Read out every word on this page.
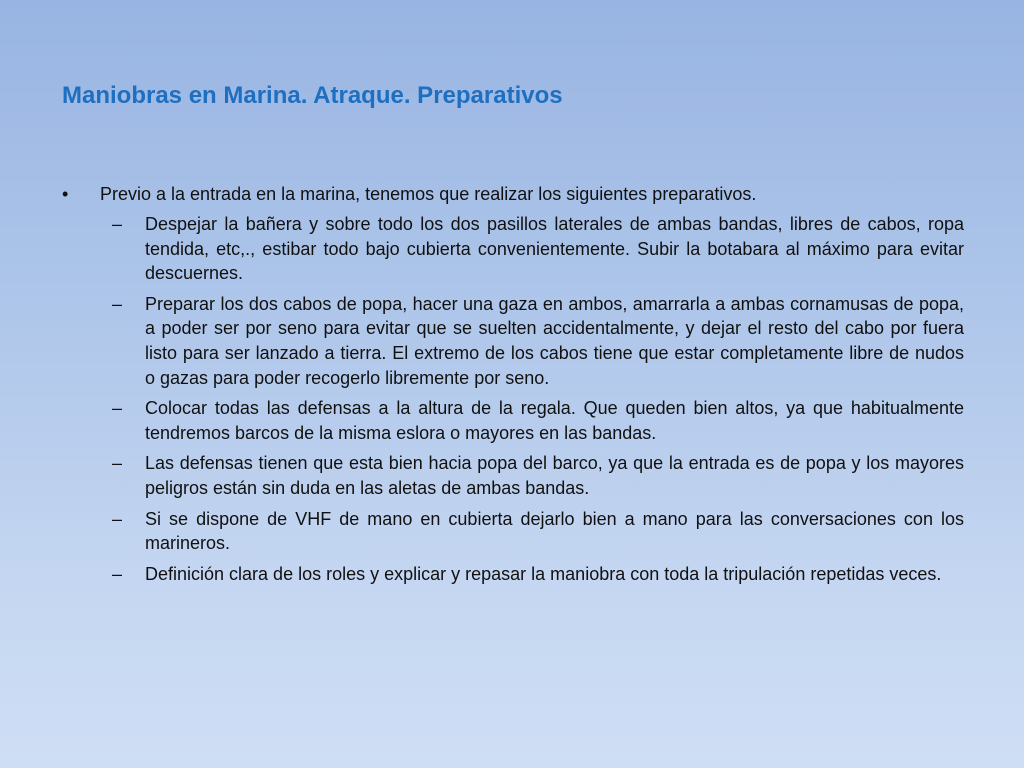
Maniobras en Marina. Atraque. Preparativos
•	Previo a la entrada en la marina, tenemos que realizar los siguientes preparativos.
–	Despejar la bañera y sobre todo los dos pasillos laterales de ambas bandas, libres de cabos, ropa tendida, etc,., estibar todo bajo cubierta convenientemente. Subir la botabara al máximo para evitar descuernes.
–	Preparar los dos cabos de popa, hacer una gaza en ambos, amarrarla a ambas cornamusas de popa, a poder ser por seno para evitar que se suelten accidentalmente, y dejar el resto del cabo por fuera listo para ser lanzado a tierra. El extremo de los cabos tiene que estar completamente libre de nudos o gazas para poder recogerlo libremente por seno.
–	Colocar todas las defensas a la altura de la regala. Que queden bien altos, ya que habitualmente tendremos barcos de la misma eslora o mayores en las bandas.
–	Las defensas tienen que esta bien hacia popa del barco, ya que la entrada es de popa y los mayores peligros están sin duda en las aletas de ambas bandas.
–	Si se dispone de VHF de mano en cubierta dejarlo bien a mano para las conversaciones con los marineros.
–	Definición clara de los roles y explicar y repasar la maniobra con toda la tripulación repetidas veces.
